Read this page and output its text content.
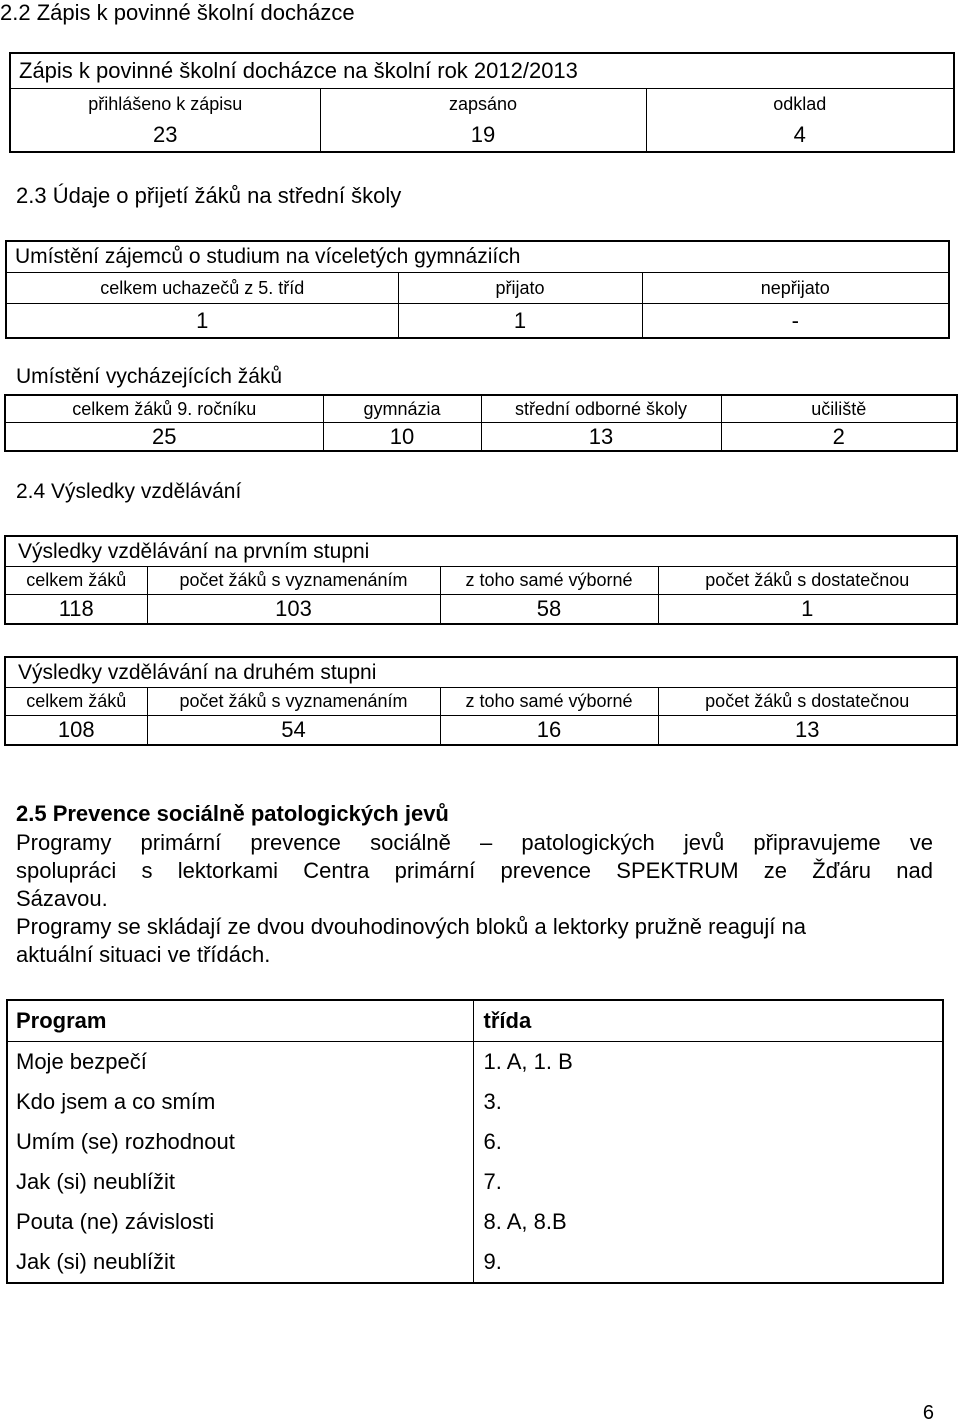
2.2 Zápis k povinné školní docházce
Zápis k povinné školní docházce na školní rok 2012/2013		
přihlášeno k zápisu	zapsáno	odklad
23	19	4
2.3 Údaje o přijetí žáků na střední školy
Umístění zájemců o studium na víceletých gymnáziích		
celkem uchazečů z 5. tříd	přijato	nepřijato
1	1	-
Umístění vycházejících žáků
celkem žáků 9. ročníku	gymnázia	střední odborné školy	učiliště
25	10	13	2
2.4 Výsledky vzdělávání
Výsledky vzdělávání na prvním stupni			
celkem žáků	počet žáků s vyznamenáním	z toho samé výborné	počet žáků s dostatečnou
118	103	58	1
Výsledky vzdělávání na druhém stupni			
celkem žáků	počet žáků s vyznamenáním	z toho samé výborné	počet žáků s dostatečnou
108	54	16	13
2.5 Prevence sociálně patologických jevů
Programy primární prevence sociálně – patologických jevů připravujeme ve
spolupráci s lektorkami Centra primární prevence SPEKTRUM ze Žďáru nad
Sázavou.
Programy se skládají ze dvou dvouhodinových bloků a lektorky pružně reagují na
aktuální situaci ve třídách.
Program	třída
Moje bezpečí	1. A, 1. B
Kdo jsem a co smím	3.
Umím (se) rozhodnout	6.
Jak (si) neublížit	7.
Pouta (ne) závislosti	8. A, 8.B
Jak (si) neublížit	9.
6
